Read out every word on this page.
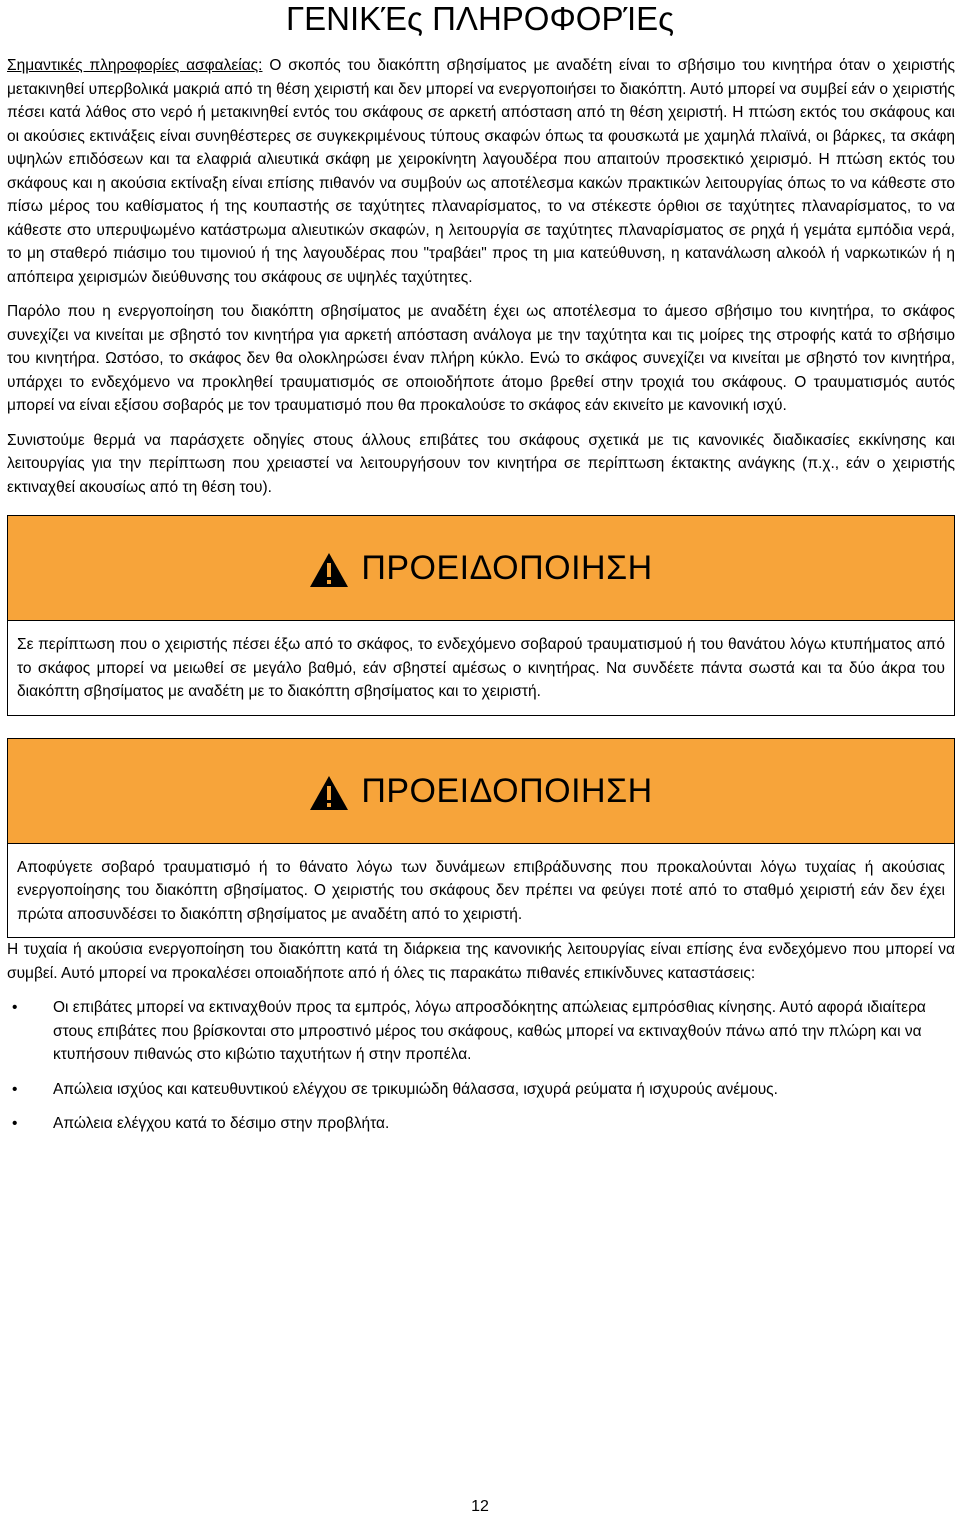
ΓΕΝΙΚΈς ΠΛΗΡΟΦΟΡΊΕς

Σημαντικές πληροφορίες ασφαλείας: Ο σκοπός του διακόπτη σβησίματος με αναδέτη είναι το σβήσιμο του κινητήρα όταν ο χειριστής μετακινηθεί υπερβολικά μακριά από τη θέση χειριστή και δεν μπορεί να ενεργοποιήσει το διακόπτη. Αυτό μπορεί να συμβεί εάν ο χειριστής πέσει κατά λάθος στο νερό ή μετακινηθεί εντός του σκάφους σε αρκετή απόσταση από τη θέση χειριστή. Η πτώση εκτός του σκάφους και οι ακούσιες εκτινάξεις είναι συνηθέστερες σε συγκεκριμένους τύπους σκαφών όπως τα φουσκωτά με χαμηλά πλαϊνά, οι βάρκες, τα σκάφη υψηλών επιδόσεων και τα ελαφριά αλιευτικά σκάφη με χειροκίνητη λαγουδέρα που απαιτούν προσεκτικό χειρισμό. Η πτώση εκτός του σκάφους και η ακούσια εκτίναξη είναι επίσης πιθανόν να συμβούν ως αποτέλεσμα κακών πρακτικών λειτουργίας όπως το να κάθεστε στο πίσω μέρος του καθίσματος ή της κουπαστής σε ταχύτητες πλαναρίσματος, το να στέκεστε όρθιοι σε ταχύτητες πλαναρίσματος, το να κάθεστε στο υπερυψωμένο κατάστρωμα αλιευτικών σκαφών, η λειτουργία σε ταχύτητες πλαναρίσματος σε ρηχά ή γεμάτα εμπόδια νερά, το μη σταθερό πιάσιμο του τιμονιού ή της λαγουδέρας που "τραβάει" προς τη μια κατεύθυνση, η κατανάλωση αλκοόλ ή ναρκωτικών ή η απόπειρα χειρισμών διεύθυνσης του σκάφους σε υψηλές ταχύτητες.

Παρόλο που η ενεργοποίηση του διακόπτη σβησίματος με αναδέτη έχει ως αποτέλεσμα το άμεσο σβήσιμο του κινητήρα, το σκάφος συνεχίζει να κινείται με σβηστό τον κινητήρα για αρκετή απόσταση ανάλογα με την ταχύτητα και τις μοίρες της στροφής κατά το σβήσιμο του κινητήρα. Ωστόσο, το σκάφος δεν θα ολοκληρώσει έναν πλήρη κύκλο. Ενώ το σκάφος συνεχίζει να κινείται με σβηστό τον κινητήρα, υπάρχει το ενδεχόμενο να προκληθεί τραυματισμός σε οποιοδήποτε άτομο βρεθεί στην τροχιά του σκάφους. Ο τραυματισμός αυτός μπορεί να είναι εξίσου σοβαρός με τον τραυματισμό που θα προκαλούσε το σκάφος εάν εκινείτο με κανονική ισχύ.

Συνιστούμε θερμά να παράσχετε οδηγίες στους άλλους επιβάτες του σκάφους σχετικά με τις κανονικές διαδικασίες εκκίνησης και λειτουργίας για την περίπτωση που χρειαστεί να λειτουργήσουν τον κινητήρα σε περίπτωση έκτακτης ανάγκης (π.χ., εάν ο χειριστής εκτιναχθεί ακουσίως από τη θέση του).

ΠΡΟΕΙΔΟΠΟΙΗΣΗ
Σε περίπτωση που ο χειριστής πέσει έξω από το σκάφος, το ενδεχόμενο σοβαρού τραυματισμού ή του θανάτου λόγω κτυπήματος από το σκάφος μπορεί να μειωθεί σε μεγάλο βαθμό, εάν σβηστεί αμέσως ο κινητήρας. Να συνδέετε πάντα σωστά και τα δύο άκρα του διακόπτη σβησίματος με αναδέτη με το διακόπτη σβησίματος και το χειριστή.
ΠΡΟΕΙΔΟΠΟΙΗΣΗ
Αποφύγετε σοβαρό τραυματισμό ή το θάνατο λόγω των δυνάμεων επιβράδυνσης που προκαλούνται λόγω τυχαίας ή ακούσιας ενεργοποίησης του διακόπτη σβησίματος. Ο χειριστής του σκάφους δεν πρέπει να φεύγει ποτέ από το σταθμό χειριστή εάν δεν έχει πρώτα αποσυνδέσει το διακόπτη σβησίματος με αναδέτη από το χειριστή.

Η τυχαία ή ακούσια ενεργοποίηση του διακόπτη κατά τη διάρκεια της κανονικής λειτουργίας είναι επίσης ένα ενδεχόμενο που μπορεί να συμβεί. Αυτό μπορεί να προκαλέσει οποιαδήποτε από ή όλες τις παρακάτω πιθανές επικίνδυνες καταστάσεις:

• Οι επιβάτες μπορεί να εκτιναχθούν προς τα εμπρός, λόγω απροσδόκητης απώλειας εμπρόσθιας κίνησης. Αυτό αφορά ιδιαίτερα στους επιβάτες που βρίσκονται στο μπροστινό μέρος του σκάφους, καθώς μπορεί να εκτιναχθούν πάνω από την πλώρη και να κτυπήσουν πιθανώς στο κιβώτιο ταχυτήτων ή στην προπέλα.
• Απώλεια ισχύος και κατευθυντικού ελέγχου σε τρικυμιώδη θάλασσα, ισχυρά ρεύματα ή ισχυρούς ανέμους.
• Απώλεια ελέγχου κατά το δέσιμο στην προβλήτα.
12
